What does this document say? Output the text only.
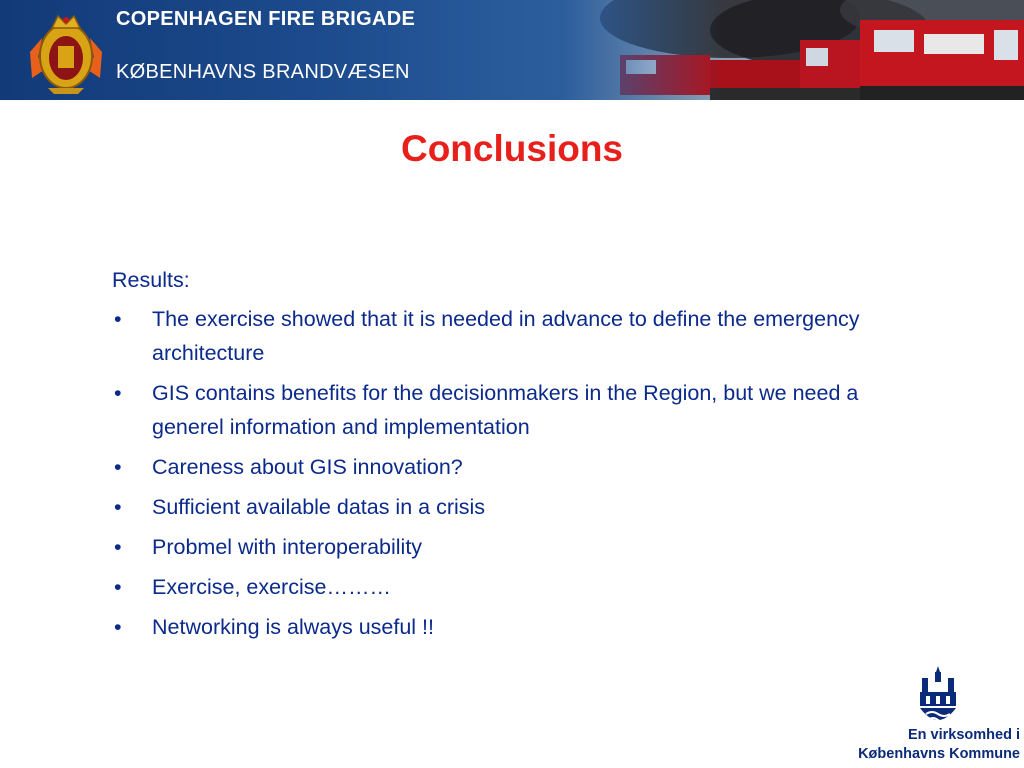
COPENHAGEN FIRE BRIGADE
KØBENHAVNS BRANDVÆSEN
Conclusions

Results:

• The exercise showed that it is needed in advance to define the emergency architecture
• GIS contains benefits for the decisionmakers in the Region, but we need a generel information and implementation
• Careness about GIS innovation?
• Sufficient available datas in a crisis
• Probmel with interoperability
• Exercise, exercise………
• Networking is always useful !!
En virksomhed i
Københavns Kommune
